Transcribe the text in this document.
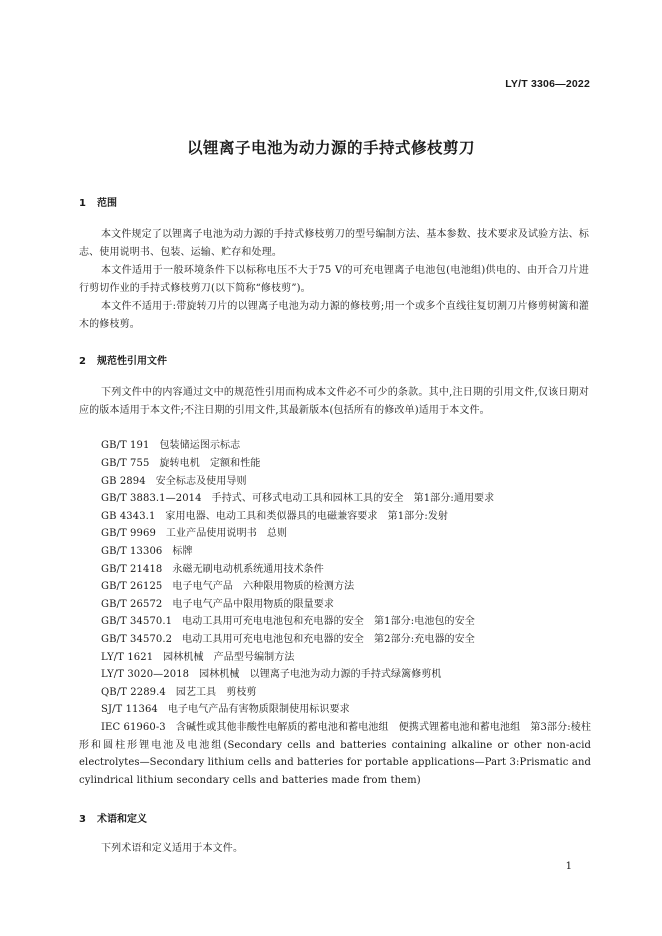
LY/T 3306—2022
以锂离子电池为动力源的手持式修枝剪刀
1 范围
本文件规定了以锂离子电池为动力源的手持式修枝剪刀的型号编制方法、基本参数、技术要求及试验方法、标志、使用说明书、包装、运输、贮存和处理。
本文件适用于一般环境条件下以标称电压不大于75 V的可充电锂离子电池包(电池组)供电的、由开合刀片进行剪切作业的手持式修枝剪刀(以下简称“修枝剪”)。
本文件不适用于:带旋转刀片的以锂离子电池为动力源的修枝剪;用一个或多个直线往复切割刀片修剪树篱和灌木的修枝剪。
2 规范性引用文件
下列文件中的内容通过文中的规范性引用而构成本文件必不可少的条款。其中,注日期的引用文件,仅该日期对应的版本适用于本文件;不注日期的引用文件,其最新版本(包括所有的修改单)适用于本文件。
GB/T 191 包装储运图示标志
GB/T 755 旋转电机　定额和性能
GB 2894 安全标志及使用导则
GB/T 3883.1—2014 手持式、可移式电动工具和园林工具的安全　第1部分:通用要求
GB 4343.1 家用电器、电动工具和类似器具的电磁兼容要求　第1部分:发射
GB/T 9969 工业产品使用说明书　总则
GB/T 13306 标牌
GB/T 21418 永磁无刷电动机系统通用技术条件
GB/T 26125 电子电气产品　六种限用物质的检测方法
GB/T 26572 电子电气产品中限用物质的限量要求
GB/T 34570.1 电动工具用可充电电池包和充电器的安全　第1部分:电池包的安全
GB/T 34570.2 电动工具用可充电电池包和充电器的安全　第2部分:充电器的安全
LY/T 1621 园林机械　产品型号编制方法
LY/T 3020—2018 园林机械　以锂离子电池为动力源的手持式绿篱修剪机
QB/T 2289.4 园艺工具　剪枝剪
SJ/T 11364 电子电气产品有害物质限制使用标识要求
IEC 61960-3　含碱性或其他非酸性电解质的蓄电池和蓄电池组　便携式锂蓄电池和蓄电池组　第3部分:棱柱形和圆柱形锂电池及电池组(Secondary cells and batteries containing alkaline or other non-acid electrolytes—Secondary lithium cells and batteries for portable applications—Part 3:Prismatic and cylindrical lithium secondary cells and batteries made from them)
3 术语和定义
下列术语和定义适用于本文件。
1
